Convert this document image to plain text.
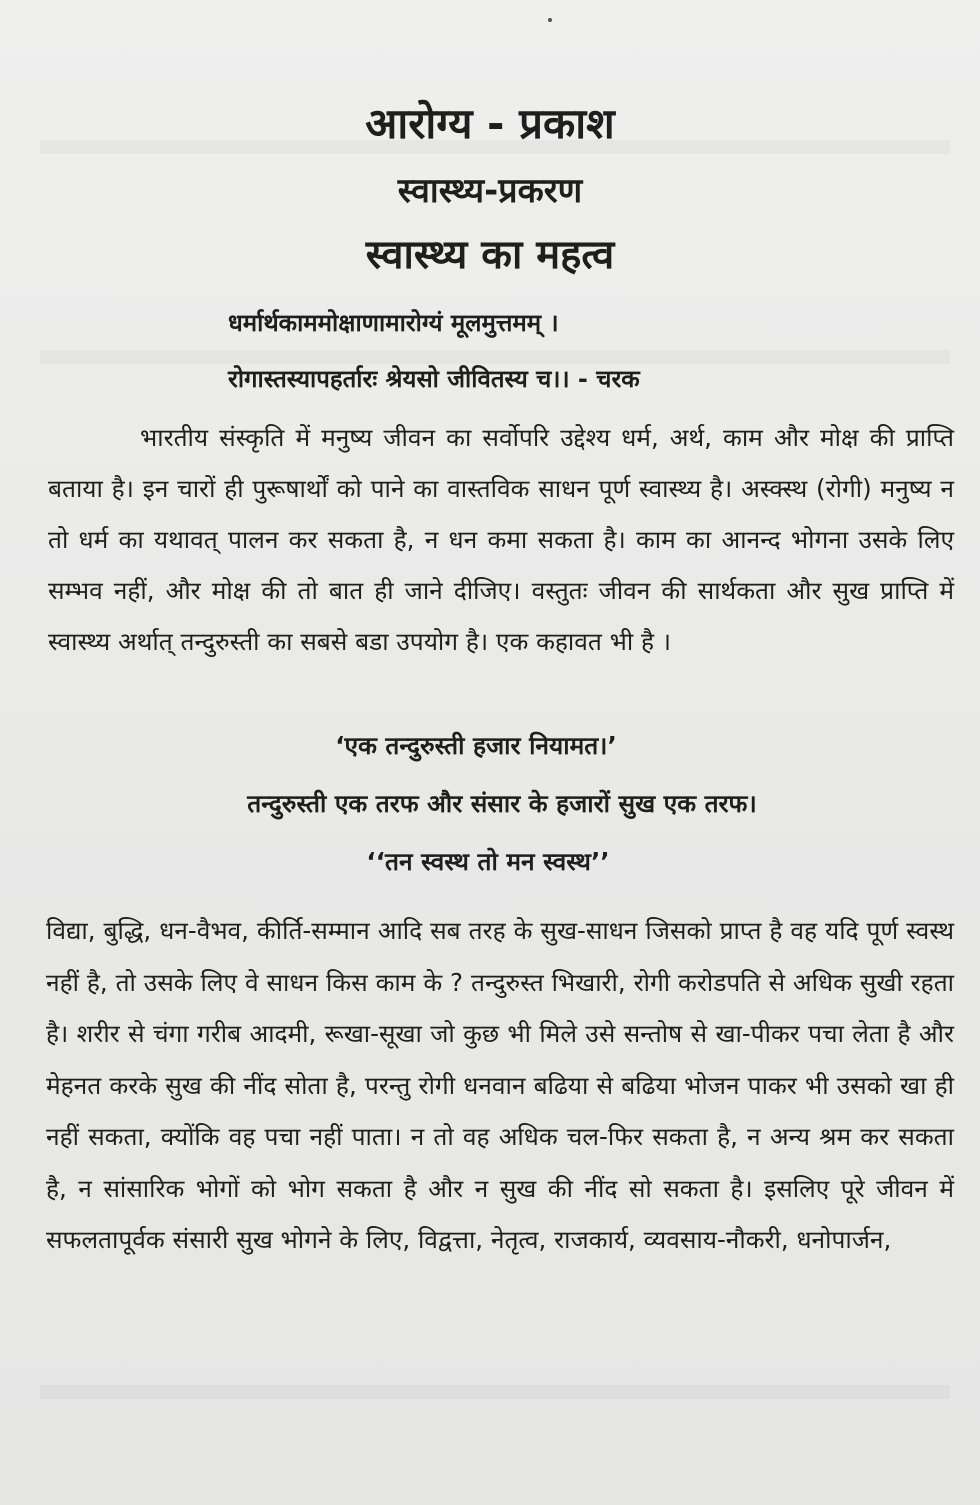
आरोग्य - प्रकाश
स्वास्थ्य-प्रकरण
स्वास्थ्य का महत्व
धर्मार्थकाममोक्षाणामारोग्यं मूलमुत्तमम् ।
रोगास्तस्यापहर्तारः श्रेयसो जीवितस्य च।। - चरक

भारतीय संस्कृति में मनुष्य जीवन का सर्वोपरि उद्देश्य धर्म, अर्थ, काम और मोक्ष की प्राप्ति बताया है। इन चारों ही पुरूषार्थों को पाने का वास्तविक साधन पूर्ण स्वास्थ्य है। अस्क्स्थ (रोगी) मनुष्य न तो धर्म का यथावत् पालन कर सकता है, न धन कमा सकता है। काम का आनन्द भोगना उसके लिए सम्भव नहीं, और मोक्ष की तो बात ही जाने दीजिए। वस्तुतः जीवन की सार्थकता और सुख प्राप्ति में स्वास्थ्य अर्थात् तन्दुरुस्ती का सबसे बडा उपयोग है। एक कहावत भी है ।

‘एक तन्दुरुस्ती हजार नियामत।’
तन्दुरुस्ती एक तरफ और संसार के हजारों सुख एक तरफ।
‘‘तन स्वस्थ तो मन स्वस्थ’’

विद्या, बुद्धि, धन-वैभव, कीर्ति-सम्मान आदि सब तरह के सुख-साधन जिसको प्राप्त है वह यदि पूर्ण स्वस्थ नहीं है, तो उसके लिए वे साधन किस काम के ? तन्दुरुस्त भिखारी, रोगी करोडपति से अधिक सुखी रहता है। शरीर से चंगा गरीब आदमी, रूखा-सूखा जो कुछ भी मिले उसे सन्तोष से खा-पीकर पचा लेता है और मेहनत करके सुख की नींद सोता है, परन्तु रोगी धनवान बढिया से बढिया भोजन पाकर भी उसको खा ही नहीं सकता, क्योंकि वह पचा नहीं पाता। न तो वह अधिक चल-फिर सकता है, न अन्य श्रम कर सकता है, न सांसारिक भोगों को भोग सकता है और न सुख की नींद सो सकता है। इसलिए पूरे जीवन में सफलतापूर्वक संसारी सुख भोगने के लिए, विद्वत्ता, नेतृत्व, राजकार्य, व्यवसाय-नौकरी, धनोपार्जन,
